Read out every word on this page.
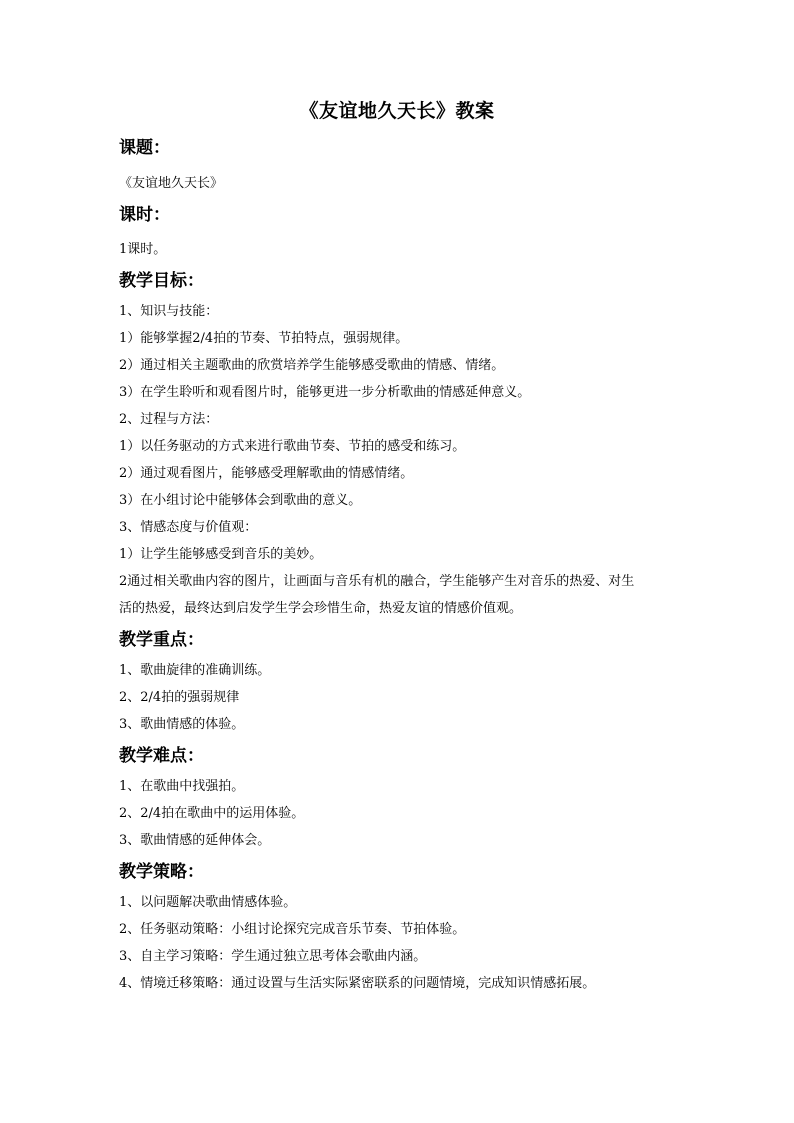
《友谊地久天长》教案

课题：

《友谊地久天长》

课时：

1课时。

教学目标：

1、知识与技能：

1）能够掌握2/4拍的节奏、节拍特点，强弱规律。

2）通过相关主题歌曲的欣赏培养学生能够感受歌曲的情感、情绪。

3）在学生聆听和观看图片时，能够更进一步分析歌曲的情感延伸意义。

2、过程与方法：

1）以任务驱动的方式来进行歌曲节奏、节拍的感受和练习。

2）通过观看图片，能够感受理解歌曲的情感情绪。

3）在小组讨论中能够体会到歌曲的意义。

3、情感态度与价值观：

1）让学生能够感受到音乐的美妙。

2通过相关歌曲内容的图片，让画面与音乐有机的融合，学生能够产生对音乐的热爱、对生

活的热爱，最终达到启发学生学会珍惜生命，热爱友谊的情感价值观。

教学重点：

1、歌曲旋律的准确训练。

2、2/4拍的强弱规律

3、歌曲情感的体验。

教学难点：

1、在歌曲中找强拍。

2、2/4拍在歌曲中的运用体验。

3、歌曲情感的延伸体会。

教学策略：

1、以问题解决歌曲情感体验。

2、任务驱动策略：小组讨论探究完成音乐节奏、节拍体验。

3、自主学习策略：学生通过独立思考体会歌曲内涵。

4、情境迁移策略：通过设置与生活实际紧密联系的问题情境，完成知识情感拓展。
